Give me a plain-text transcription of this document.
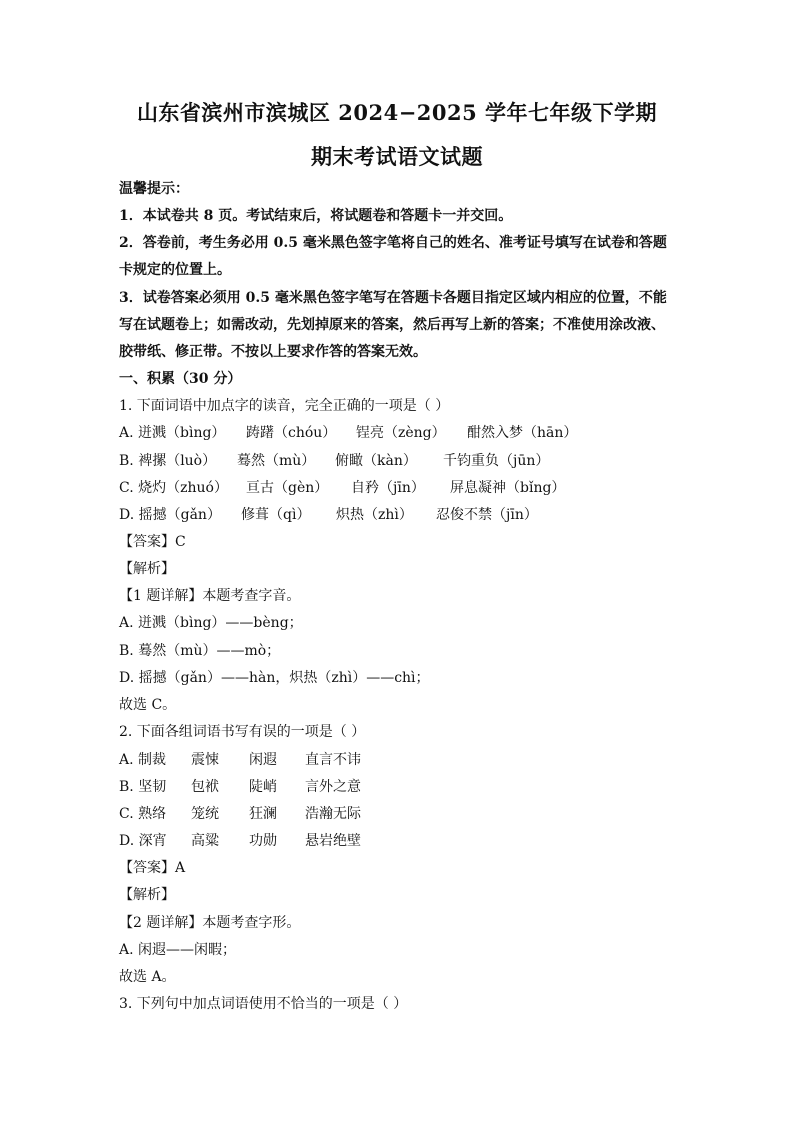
山东省滨州市滨城区 2024−2025 学年七年级下学期
期末考试语文试题
温馨提示：
1．本试卷共 8 页。考试结束后，将试题卷和答题卡一并交回。
2．答卷前，考生务必用 0.5 毫米黑色签字笔将自己的姓名、准考证号填写在试卷和答题
卡规定的位置上。
3．试卷答案必须用 0.5 毫米黑色签字笔写在答题卡各题目指定区域内相应的位置，不能
写在试题卷上；如需改动，先划掉原来的答案，然后再写上新的答案；不准使用涂改液、
胶带纸、修正带。不按以上要求作答的答案无效。
一、积累（30 分）
1. 下面词语中加点字的读音，完全正确的一项是（ ）
A. 迸溅（bìng） 踌躇（chóu） 锃亮（zèng） 酣然入梦（hān）
B. 裨摞（luò） 蓦然（mù） 俯瞰（kàn） 千钧重负（jūn）
C. 烧灼（zhuó） 亘古（gèn） 自矜（jīn） 屏息凝神（bǐng）
D. 摇撼（gǎn） 修葺（qì） 炽热（zhì） 忍俊不禁（jīn）
【答案】C
【解析】
【1 题详解】本题考查字音。
A. 迸溅（bìng）——bèng；
B. 蓦然（mù）——mò；
D. 摇撼（gǎn）——hàn，炽热（zhì）——chì；
故选 C。
2. 下面各组词语书写有误的一项是（ ）
A. 制裁 震悚 闲遐 直言不讳
B. 坚韧 包袱 陡峭 言外之意
C. 熟络 笼统 狂澜 浩瀚无际
D. 深宵 高粱 功勋 悬岩绝壁
【答案】A
【解析】
【2 题详解】本题考查字形。
A. 闲遐——闲暇；
故选 A。
3. 下列句中加点词语使用不恰当的一项是（ ）
